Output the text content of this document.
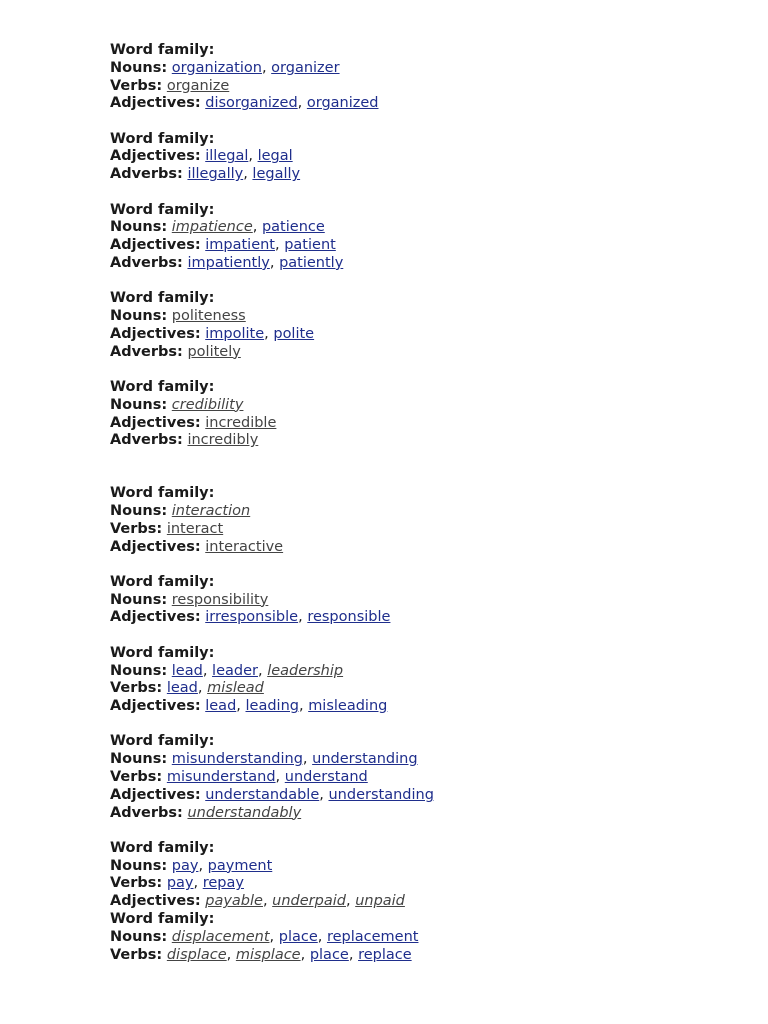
Word family:
Nouns: organization, organizer
Verbs: organize
Adjectives: disorganized, organized
Word family:
Adjectives: illegal, legal
Adverbs: illegally, legally
Word family:
Nouns: impatience, patience
Adjectives: impatient, patient
Adverbs: impatiently, patiently
Word family:
Nouns: politeness
Adjectives: impolite, polite
Adverbs: politely
Word family:
Nouns: credibility
Adjectives: incredible
Adverbs: incredibly
Word family:
Nouns: interaction
Verbs: interact
Adjectives: interactive
Word family:
Nouns: responsibility
Adjectives: irresponsible, responsible
Word family:
Nouns: lead, leader, leadership
Verbs: lead, mislead
Adjectives: lead, leading, misleading
Word family:
Nouns: misunderstanding, understanding
Verbs: misunderstand, understand
Adjectives: understandable, understanding
Adverbs: understandably
Word family:
Nouns: pay, payment
Verbs: pay, repay
Adjectives: payable, underpaid, unpaid
Word family:
Nouns: displacement, place, replacement
Verbs: displace, misplace, place, replace
